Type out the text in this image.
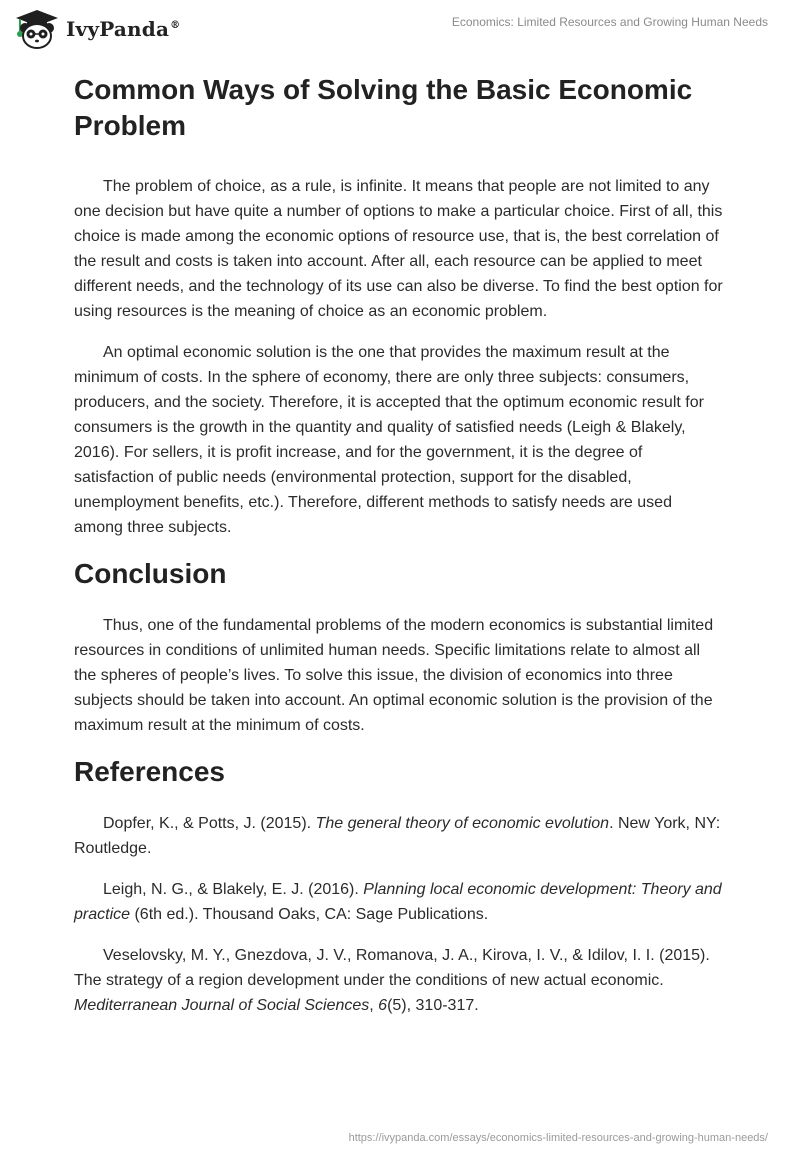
IvyPanda®	Economics: Limited Resources and Growing Human Needs
Common Ways of Solving the Basic Economic Problem

The problem of choice, as a rule, is infinite. It means that people are not limited to any one decision but have quite a number of options to make a particular choice. First of all, this choice is made among the economic options of resource use, that is, the best correlation of the result and costs is taken into account. After all, each resource can be applied to meet different needs, and the technology of its use can also be diverse. To find the best option for using resources is the meaning of choice as an economic problem.

An optimal economic solution is the one that provides the maximum result at the minimum of costs. In the sphere of economy, there are only three subjects: consumers, producers, and the society. Therefore, it is accepted that the optimum economic result for consumers is the growth in the quantity and quality of satisfied needs (Leigh & Blakely, 2016). For sellers, it is profit increase, and for the government, it is the degree of satisfaction of public needs (environmental protection, support for the disabled, unemployment benefits, etc.). Therefore, different methods to satisfy needs are used among three subjects.

Conclusion

Thus, one of the fundamental problems of the modern economics is substantial limited resources in conditions of unlimited human needs. Specific limitations relate to almost all the spheres of people’s lives. To solve this issue, the division of economics into three subjects should be taken into account. An optimal economic solution is the provision of the maximum result at the minimum of costs.

References

Dopfer, K., & Potts, J. (2015). The general theory of economic evolution. New York, NY: Routledge.

Leigh, N. G., & Blakely, E. J. (2016). Planning local economic development: Theory and practice (6th ed.). Thousand Oaks, CA: Sage Publications.

Veselovsky, M. Y., Gnezdova, J. V., Romanova, J. A., Kirova, I. V., & Idilov, I. I. (2015). The strategy of a region development under the conditions of new actual economic. Mediterranean Journal of Social Sciences, 6(5), 310-317.

https://ivypanda.com/essays/economics-limited-resources-and-growing-human-needs/
